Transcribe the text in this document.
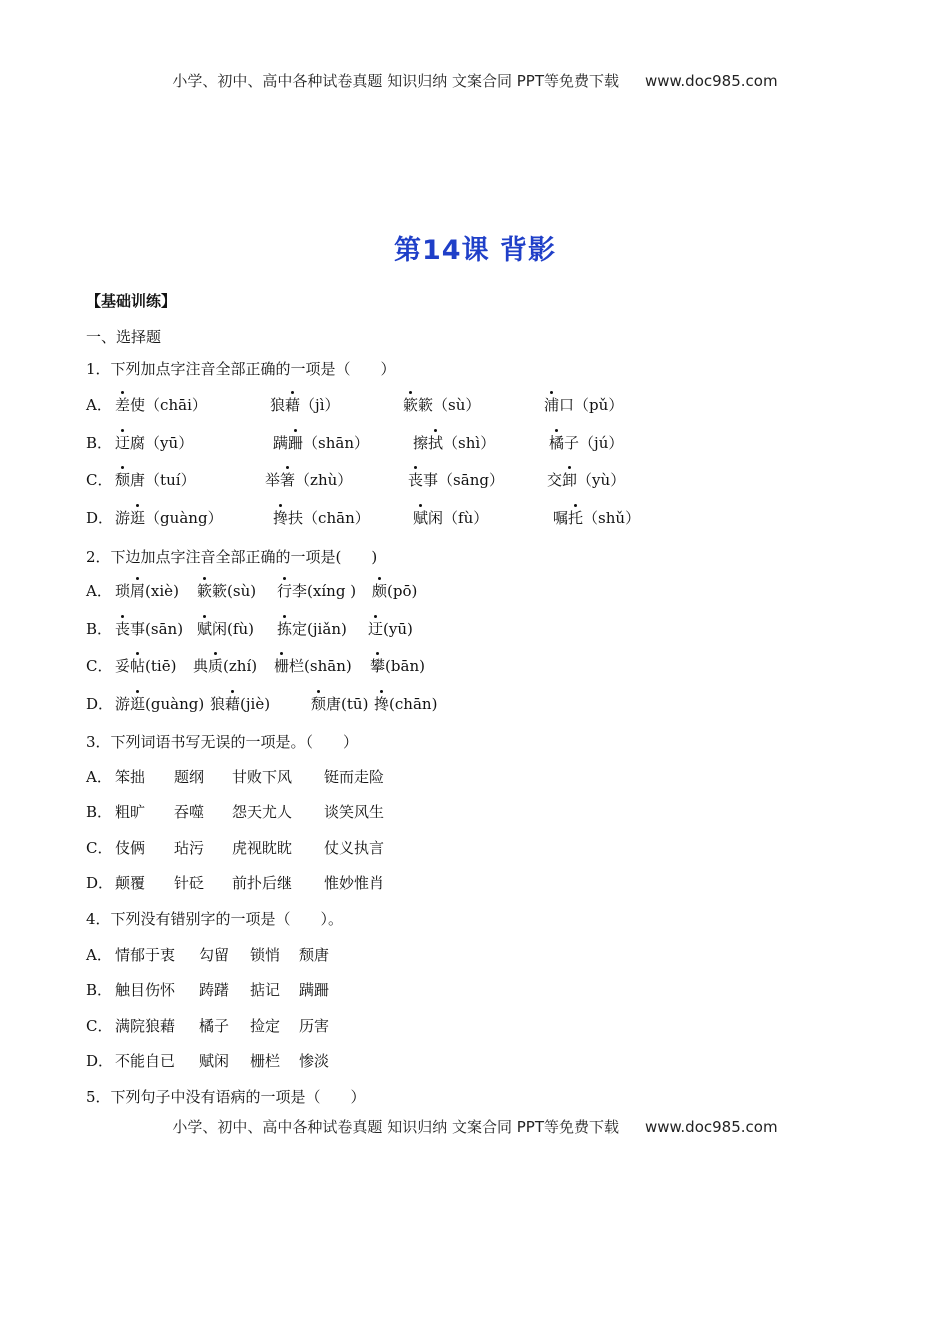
小学、初中、高中各种试卷真题 知识归纳 文案合同 PPT等免费下载 www.doc985.com
第14课 背影
【基础训练】
一、选择题
1．下列加点字注音全部正确的一项是（　　）
A． 差使（chāi）	狼藉（jì）	簌簌（sù）	浦口（pǔ）
B． 迂腐（yū）	蹒跚（shān）	擦拭（shì）	橘子（jú）
C． 颓唐（tuí）	举箸（zhù）	丧事（sāng）	交卸（yù）
D． 游逛（guàng）	搀扶（chān）	赋闲（fù）	嘱托（shǔ）
2．下边加点字注音全部正确的一项是(　　)
A． 琐屑(xiè) 簌簌(sù) 行李(xíng ) 颇(pō)
B． 丧事(sān) 赋闲(fù) 拣定(jiǎn) 迂(yū)
C． 妥帖(tiē) 典质(zhí) 栅栏(shān) 攀(bān)
D． 游逛(guàng) 狼藉(jiè)	颓唐(tū) 搀(chān)
3．下列词语书写无误的一项是。（　　）
A． 笨拙 题纲 甘败下风 铤而走险
B． 粗旷 吞噬 怨天尤人 谈笑风生
C． 伎俩 玷污 虎视眈眈 仗义执言
D． 颠覆 针砭 前扑后继 惟妙惟肖
4．下列没有错别字的一项是（　　）。
A． 情郁于衷 勾留 锁悄 颓唐
B． 触目伤怀 踌躇 掂记 蹒跚
C． 满院狼藉 橘子 捡定 历害
D． 不能自已 赋闲 栅栏 惨淡
5．下列句子中没有语病的一项是（　　）
小学、初中、高中各种试卷真题 知识归纳 文案合同 PPT等免费下载 www.doc985.com
